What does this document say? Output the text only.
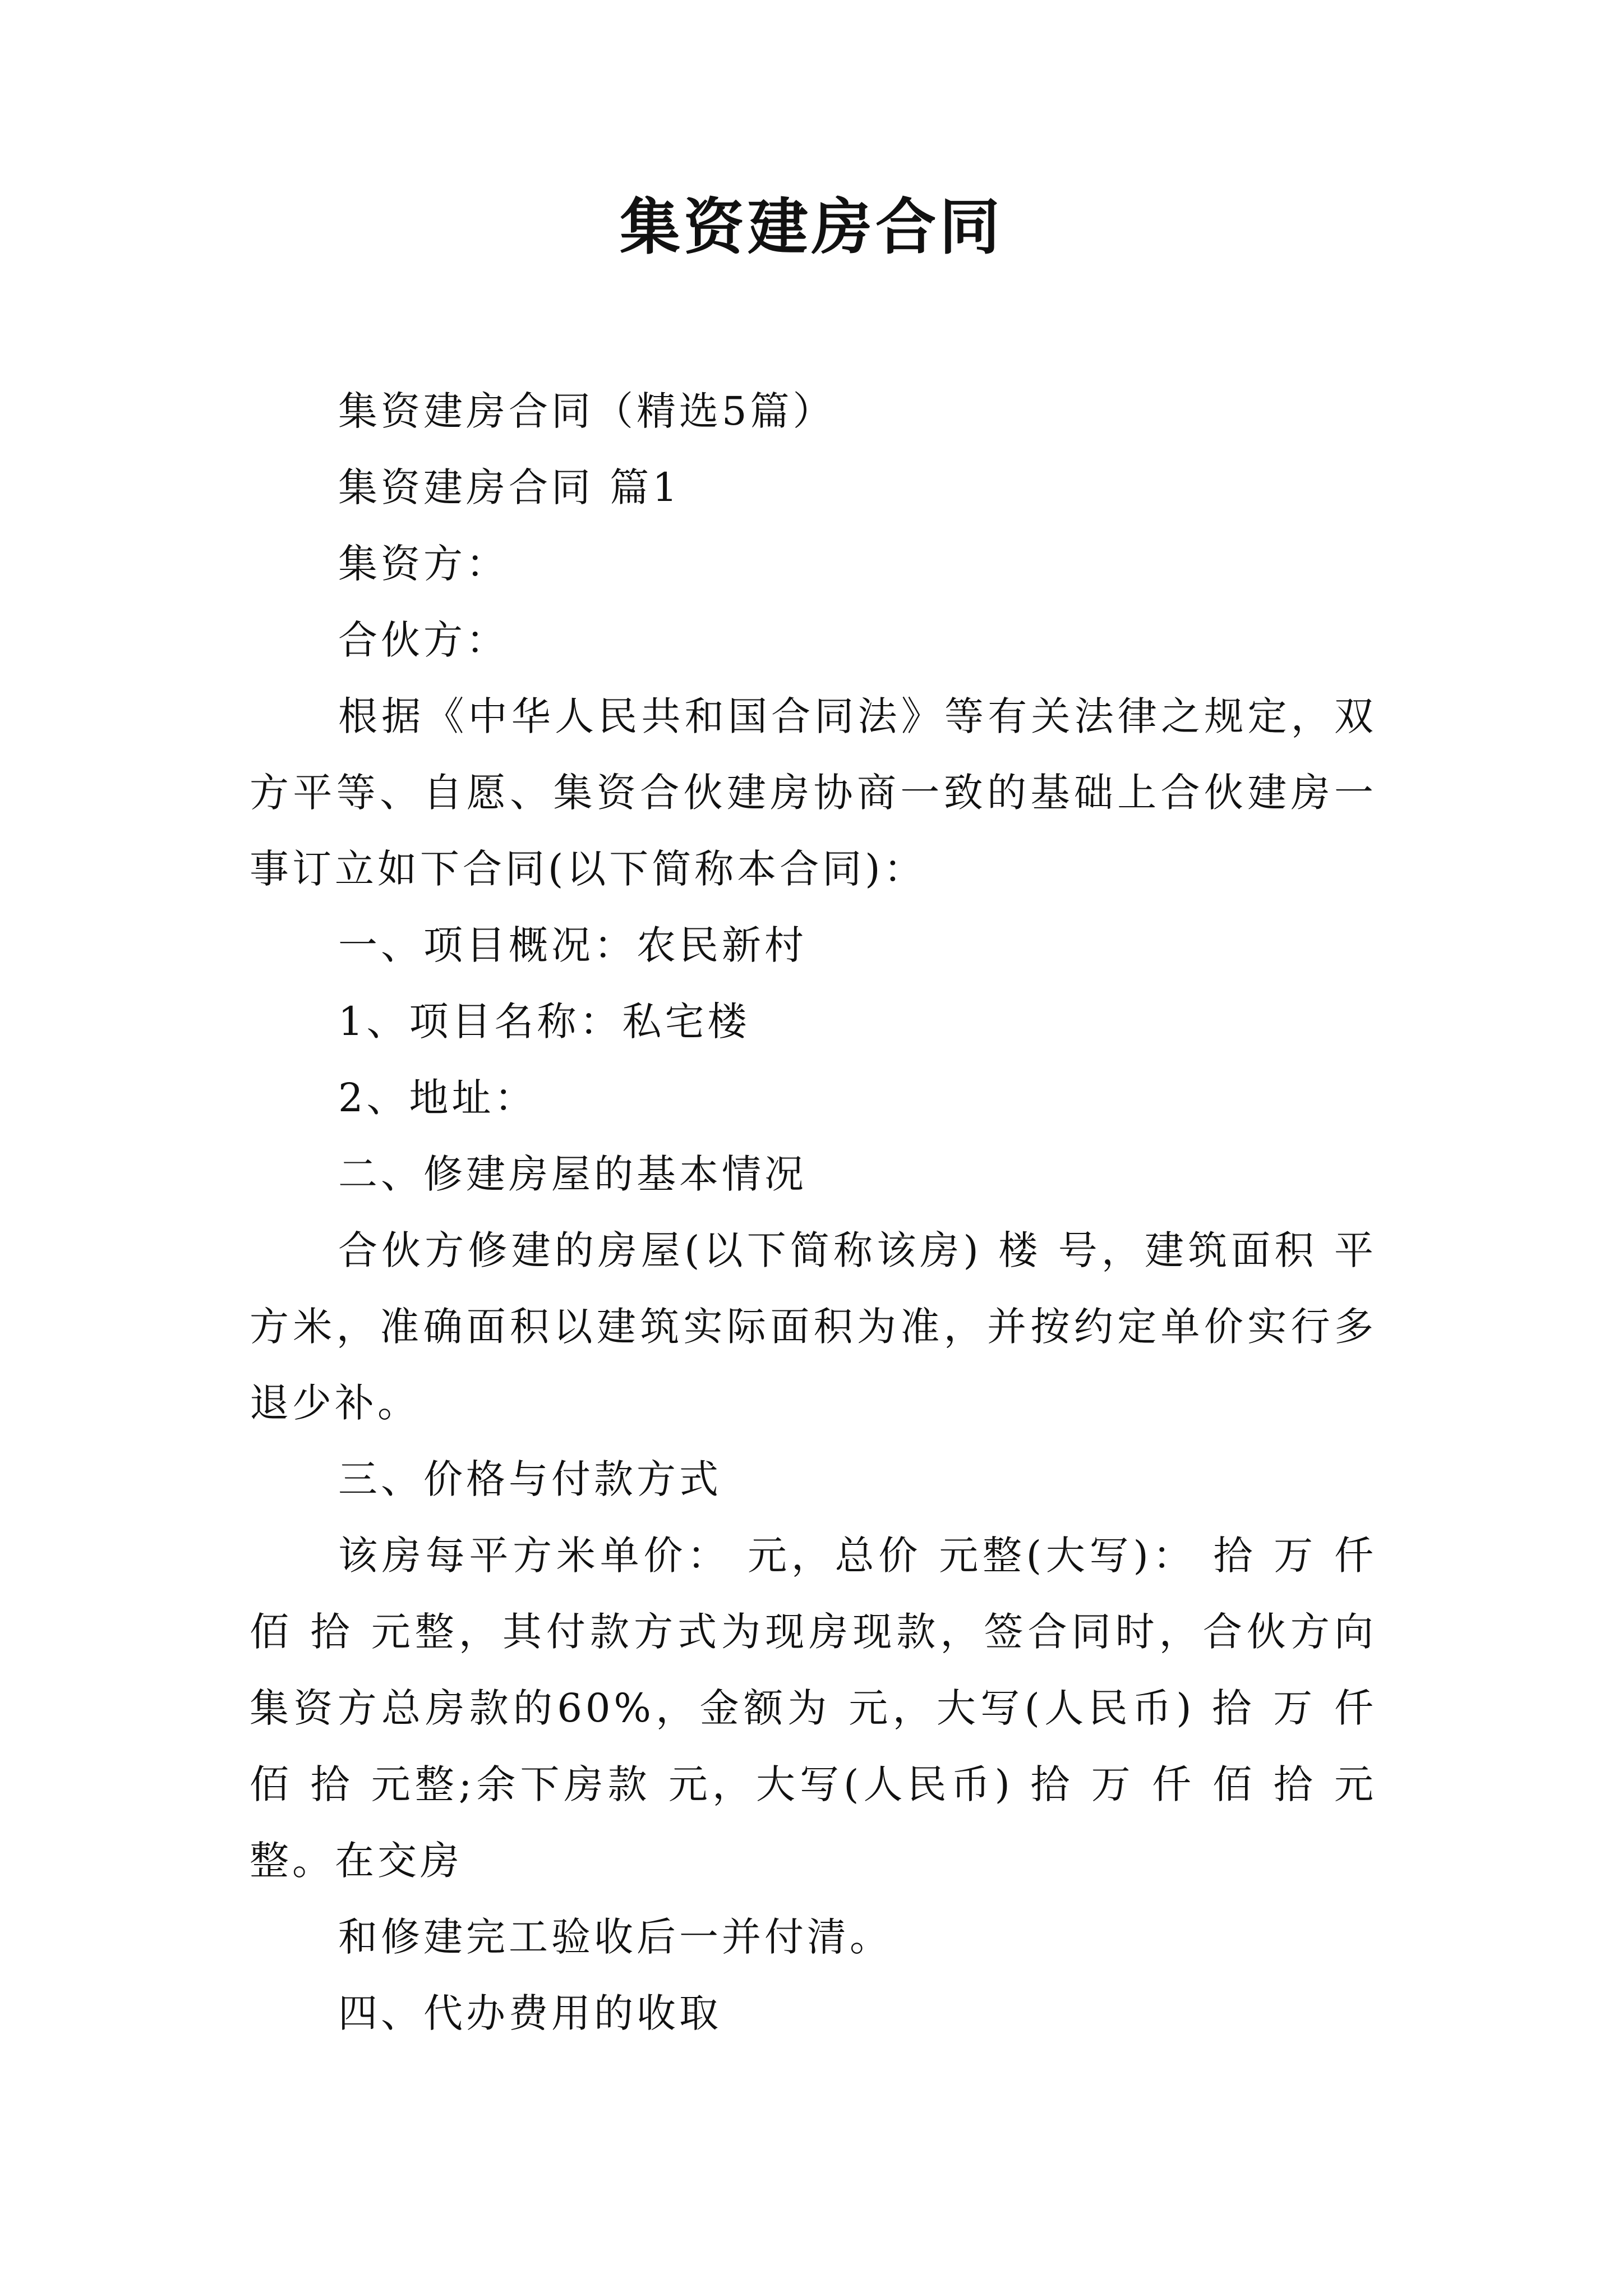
集资建房合同

集资建房合同（精选5篇）

集资建房合同 篇1

集资方：

合伙方：

根据《中华人民共和国合同法》等有关法律之规定，双方平等、自愿、集资合伙建房协商一致的基础上合伙建房一事订立如下合同(以下简称本合同)：

一、项目概况：农民新村

1、项目名称：私宅楼

2、地址：

二、修建房屋的基本情况

合伙方修建的房屋(以下简称该房) 楼 号，建筑面积 平方米，准确面积以建筑实际面积为准，并按约定单价实行多退少补。

三、价格与付款方式

该房每平方米单价： 元，总价 元整(大写)： 拾 万 仟 佰 拾 元整，其付款方式为现房现款，签合同时，合伙方向集资方总房款的60%，金额为 元，大写(人民币) 拾 万 仟 佰 拾 元整;余下房款 元，大写(人民币) 拾 万 仟 佰 拾 元整。在交房

和修建完工验收后一并付清。

四、代办费用的收取
